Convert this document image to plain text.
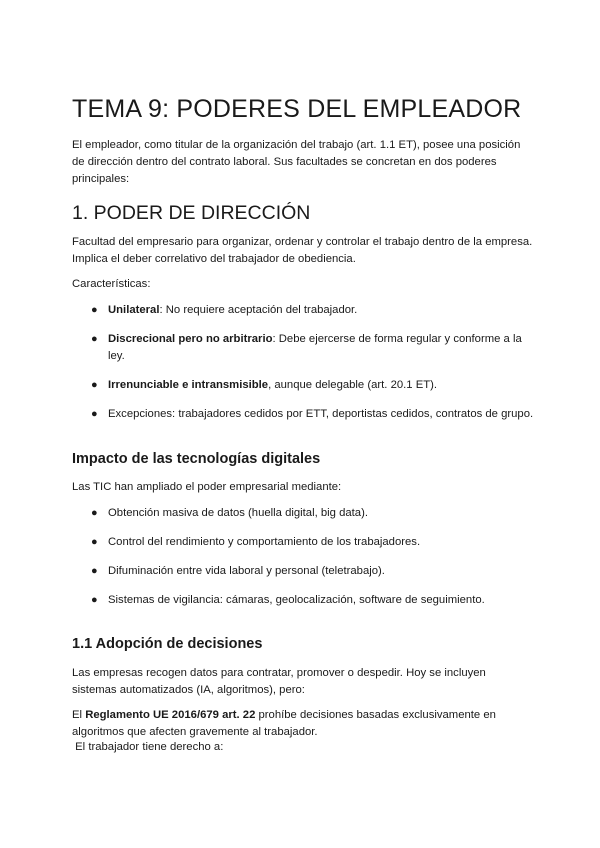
TEMA 9: PODERES DEL EMPLEADOR

El empleador, como titular de la organización del trabajo (art. 1.1 ET), posee una posición de dirección dentro del contrato laboral. Sus facultades se concretan en dos poderes principales:

1. PODER DE DIRECCIÓN

Facultad del empresario para organizar, ordenar y controlar el trabajo dentro de la empresa. Implica el deber correlativo del trabajador de obediencia.

Características:

● Unilateral: No requiere aceptación del trabajador.
● Discrecional pero no arbitrario: Debe ejercerse de forma regular y conforme a la ley.
● Irrenunciable e intransmisible, aunque delegable (art. 20.1 ET).
● Excepciones: trabajadores cedidos por ETT, deportistas cedidos, contratos de grupo.
Impacto de las tecnologías digitales

Las TIC han ampliado el poder empresarial mediante:

● Obtención masiva de datos (huella digital, big data).
● Control del rendimiento y comportamiento de los trabajadores.
● Difuminación entre vida laboral y personal (teletrabajo).
● Sistemas de vigilancia: cámaras, geolocalización, software de seguimiento.
1.1 Adopción de decisiones

Las empresas recogen datos para contratar, promover o despedir. Hoy se incluyen sistemas automatizados (IA, algoritmos), pero:

El Reglamento UE 2016/679 art. 22 prohíbe decisiones basadas exclusivamente en algoritmos que afecten gravemente al trabajador.

El trabajador tiene derecho a:
